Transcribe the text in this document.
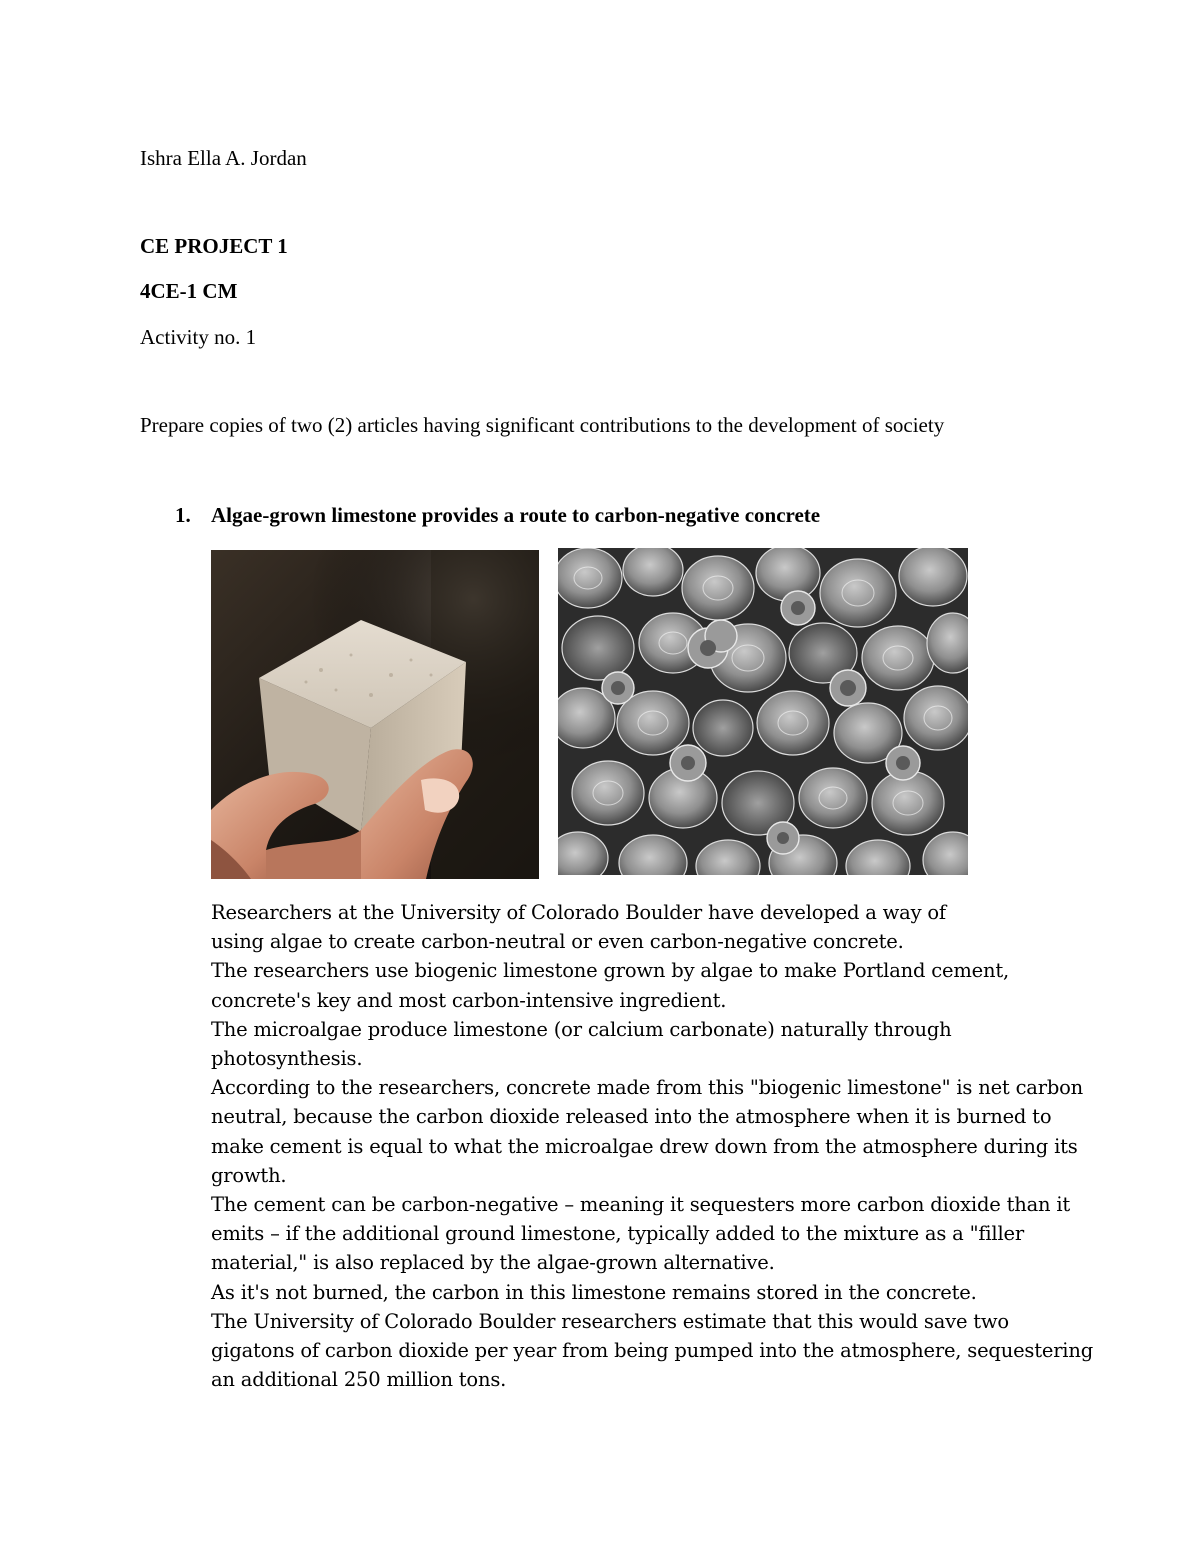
Ishra Ella A. Jordan
CE PROJECT 1
4CE-1 CM
Activity no. 1
Prepare copies of two (2) articles having significant contributions to the development of society
1. Algae-grown limestone provides a route to carbon-negative concrete
Researchers at the University of Colorado Boulder have developed a way of
using algae to create carbon-neutral or even carbon-negative concrete.
The researchers use biogenic limestone grown by algae to make Portland cement,
concrete's key and most carbon-intensive ingredient.
The microalgae produce limestone (or calcium carbonate) naturally through
photosynthesis.
According to the researchers, concrete made from this "biogenic limestone" is net carbon
neutral, because the carbon dioxide released into the atmosphere when it is burned to
make cement is equal to what the microalgae drew down from the atmosphere during its
growth.
The cement can be carbon-negative – meaning it sequesters more carbon dioxide than it
emits – if the additional ground limestone, typically added to the mixture as a "filler
material," is also replaced by the algae-grown alternative.
As it's not burned, the carbon in this limestone remains stored in the concrete.
The University of Colorado Boulder researchers estimate that this would save two
gigatons of carbon dioxide per year from being pumped into the atmosphere, sequestering
an additional 250 million tons.
